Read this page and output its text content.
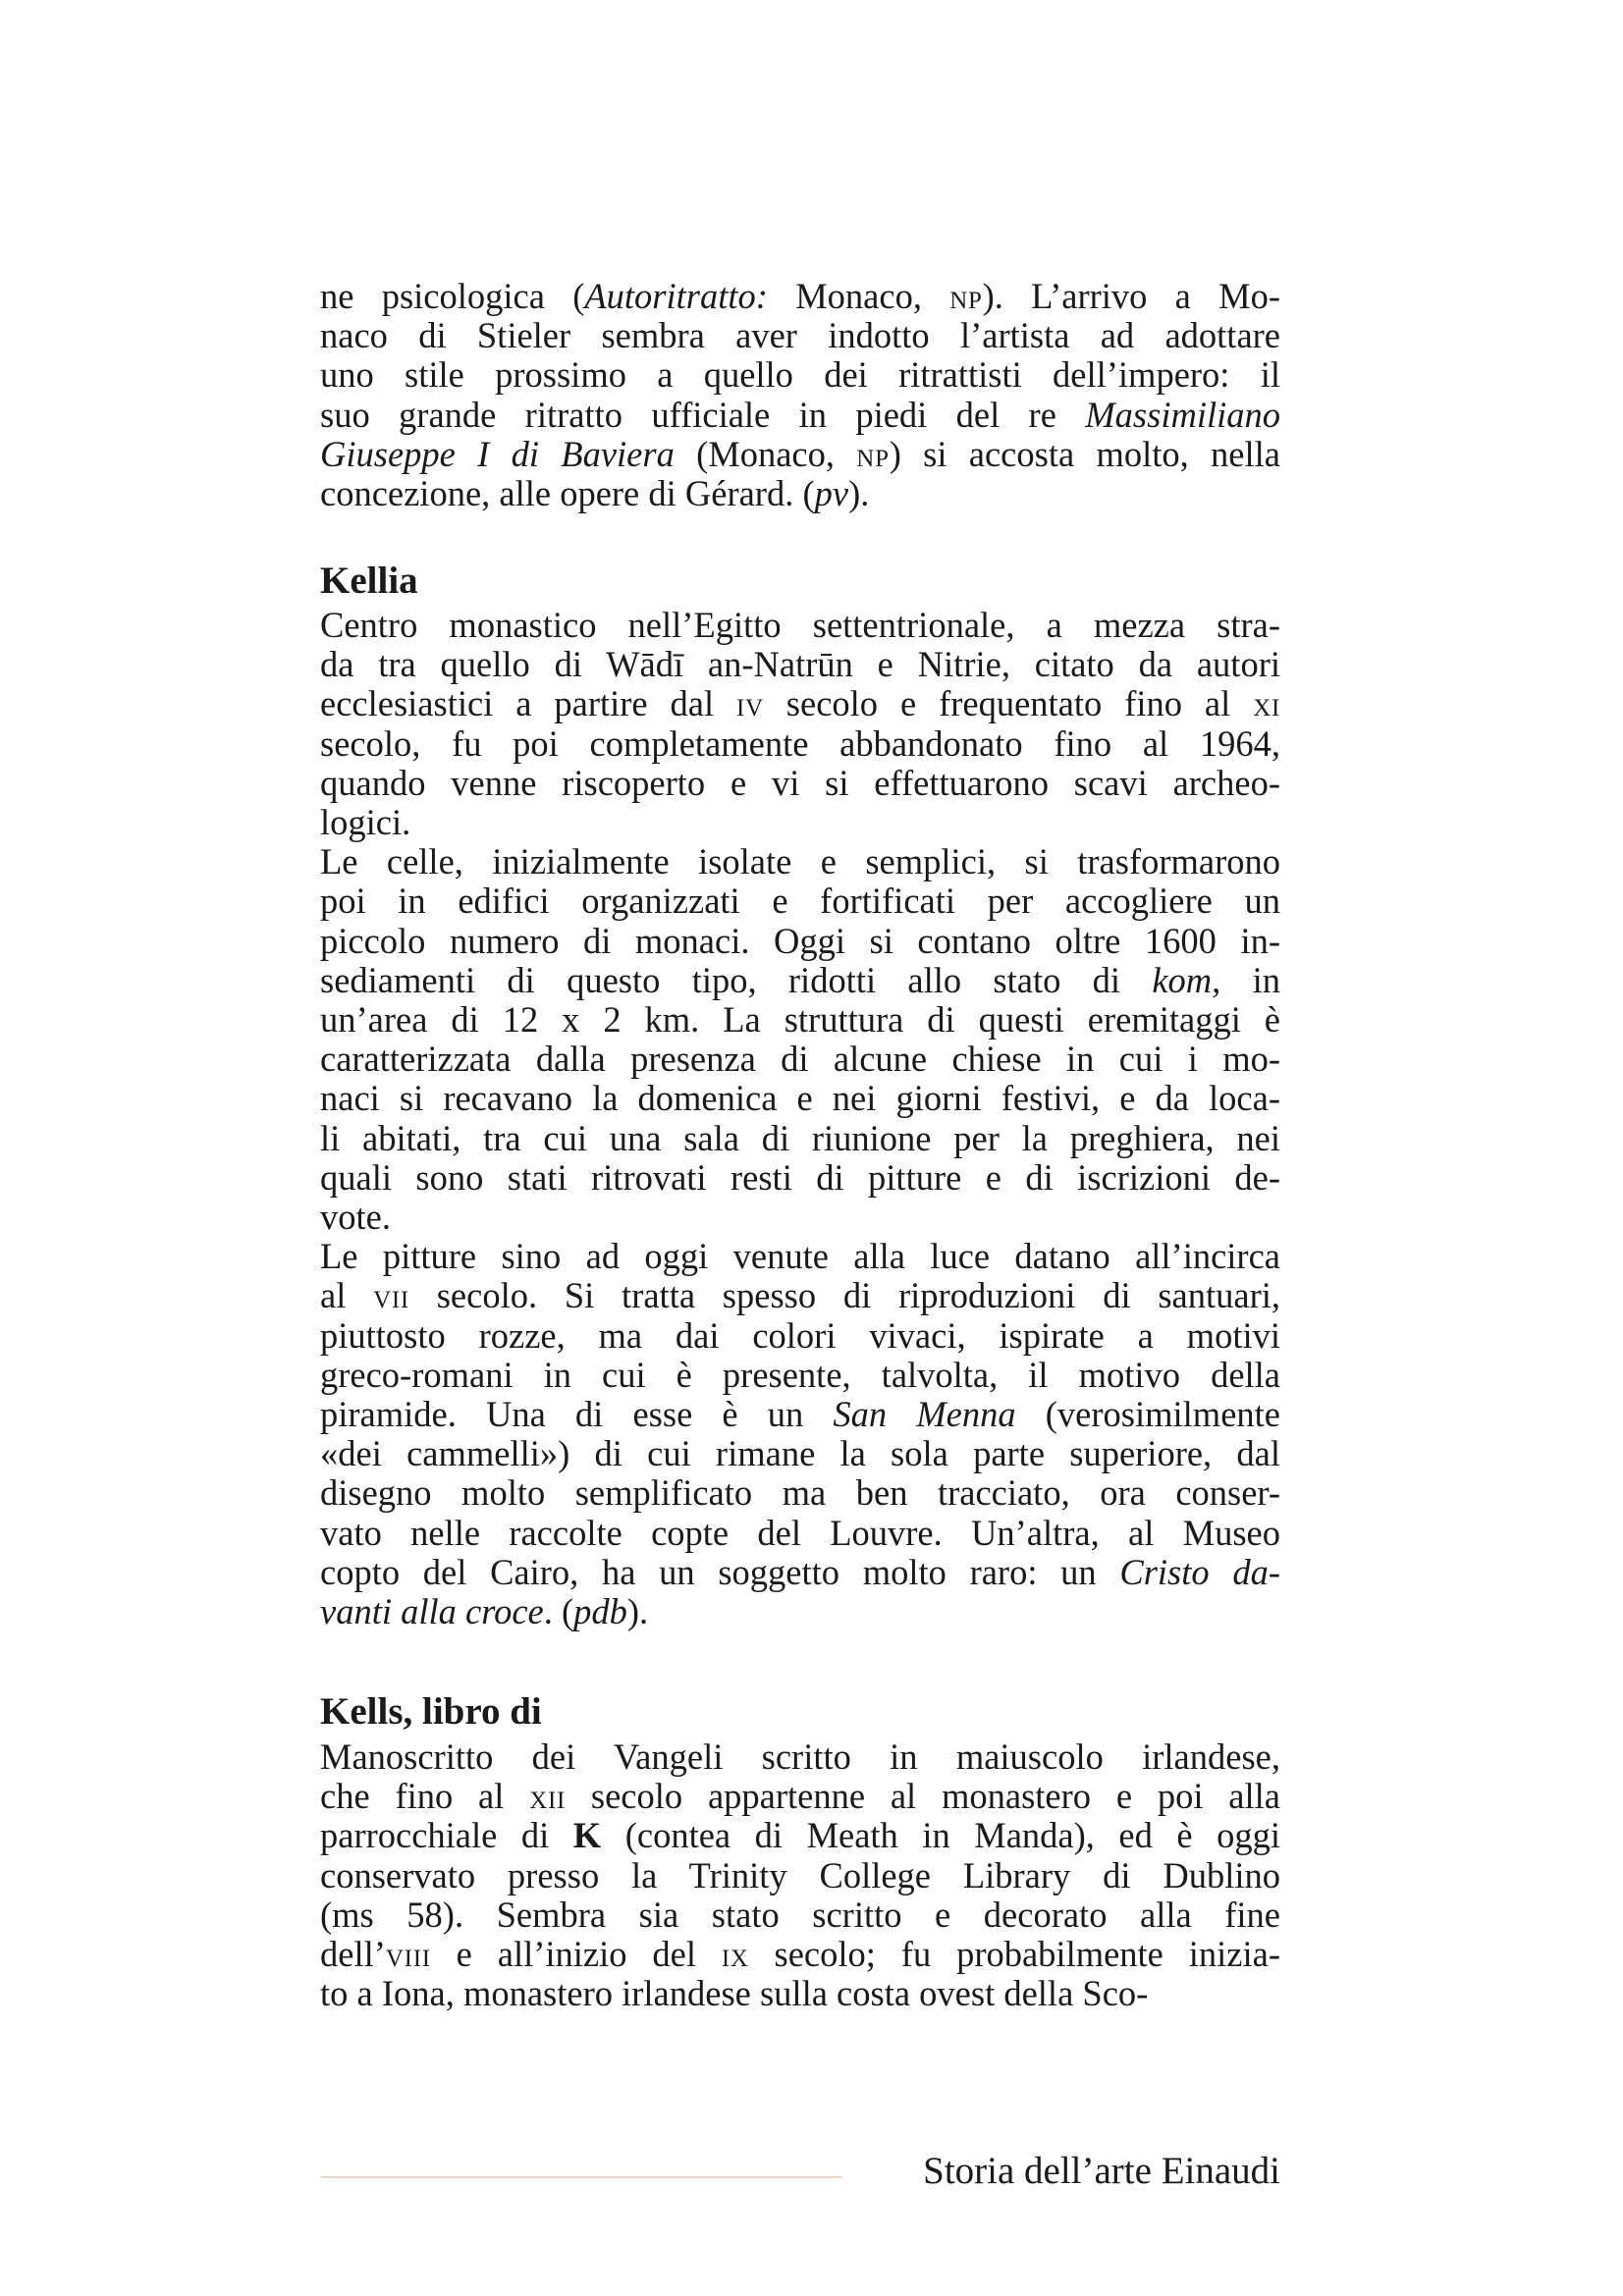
ne psicologica (Autoritratto: Monaco, np). L’arrivo a Mo-
naco di Stieler sembra aver indotto l’artista ad adottare
uno stile prossimo a quello dei ritrattisti dell’impero: il
suo grande ritratto ufficiale in piedi del re Massimiliano
Giuseppe I di Baviera (Monaco, np) si accosta molto, nella
concezione, alle opere di Gérard. (pv).
Kellia
Centro monastico nell’Egitto settentrionale, a mezza stra-
da tra quello di Wādī an-Natrūn e Nitrie, citato da autori
ecclesiastici a partire dal iv secolo e frequentato fino al xi
secolo, fu poi completamente abbandonato fino al 1964,
quando venne riscoperto e vi si effettuarono scavi archeo-
logici.
Le celle, inizialmente isolate e semplici, si trasformarono
poi in edifici organizzati e fortificati per accogliere un
piccolo numero di monaci. Oggi si contano oltre 1600 in-
sediamenti di questo tipo, ridotti allo stato di kom, in
un’area di 12 x 2 km. La struttura di questi eremitaggi è
caratterizzata dalla presenza di alcune chiese in cui i mo-
naci si recavano la domenica e nei giorni festivi, e da loca-
li abitati, tra cui una sala di riunione per la preghiera, nei
quali sono stati ritrovati resti di pitture e di iscrizioni de-
vote.
Le pitture sino ad oggi venute alla luce datano all’incirca
al vii secolo. Si tratta spesso di riproduzioni di santuari,
piuttosto rozze, ma dai colori vivaci, ispirate a motivi
greco-romani in cui è presente, talvolta, il motivo della
piramide. Una di esse è un San Menna (verosimilmente
«dei cammelli») di cui rimane la sola parte superiore, dal
disegno molto semplificato ma ben tracciato, ora conser-
vato nelle raccolte copte del Louvre. Un’altra, al Museo
copto del Cairo, ha un soggetto molto raro: un Cristo da-
vanti alla croce. (pdb).
Kells, libro di
Manoscritto dei Vangeli scritto in maiuscolo irlandese,
che fino al xii secolo appartenne al monastero e poi alla
parrocchiale di K (contea di Meath in Manda), ed è oggi
conservato presso la Trinity College Library di Dublino
(ms 58). Sembra sia stato scritto e decorato alla fine
dell’viii e all’inizio del ix secolo; fu probabilmente inizia-
to a Iona, monastero irlandese sulla costa ovest della Sco-
Storia dell’arte Einaudi
